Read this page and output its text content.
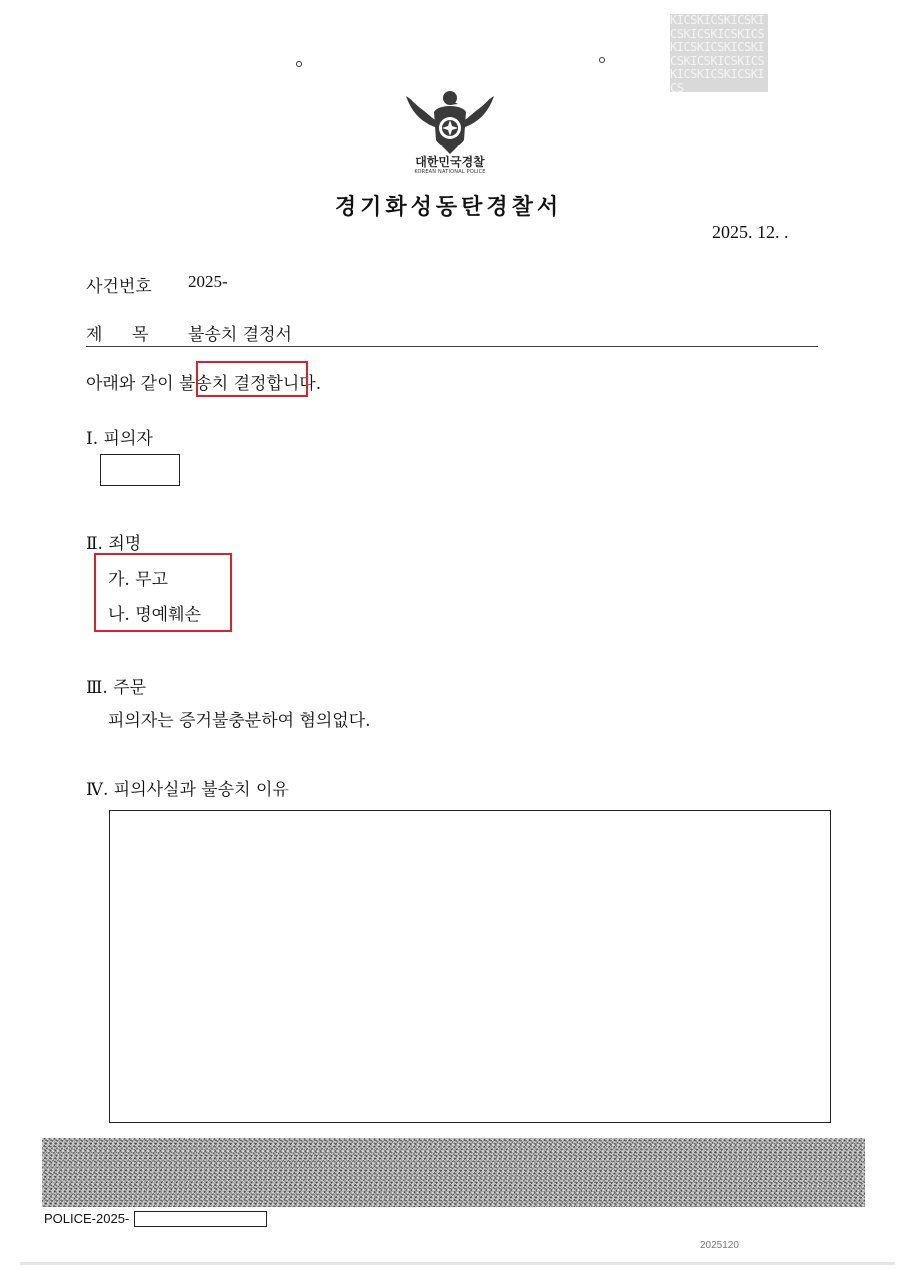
KICSKICSKICSKICSKICSKICSKICSKICSKICSKICSKICSKICSKICSKICSKICSKICSKICSKICS
대한민국경찰
KOREAN NATIONAL POLICE
경기화성동탄경찰서
2025. 12. .
사건번호 2025-
제 목 불송치 결정서
아래와 같이 불송치 결정합니다.
Ⅰ. 피의자
Ⅱ. 죄명
가. 무고
나. 명예훼손
Ⅲ. 주문
피의자는 증거불충분하여 혐의없다.
Ⅳ. 피의사실과 불송치 이유
POLICE-2025-
2025120
